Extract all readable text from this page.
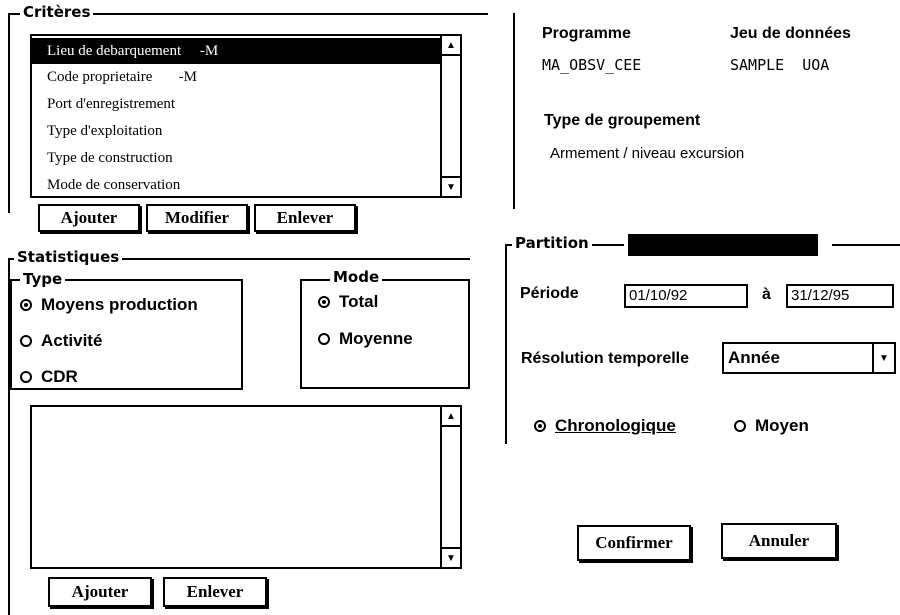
Critères
Lieu de debarquement     -M
Code proprietaire       -M
Port d'enregistrement
Type d'exploitation
Type de construction
Mode de conservation
▲
▼
Ajouter	Modifier	Enlever
Programme
MA_OBSV_CEE
Jeu de données
SAMPLE  UOA
Type de groupement
Armement / niveau excursion
Statistiques
Type
Moyens production
Activité
CDR
Mode
Total
Moyenne
▲
▼
Ajouter	Enlever
Partition
Période	01/10/92	à	31/12/95
Résolution temporelle Année	▼
Chronologique	Moyen
Confirmer	Annuler
